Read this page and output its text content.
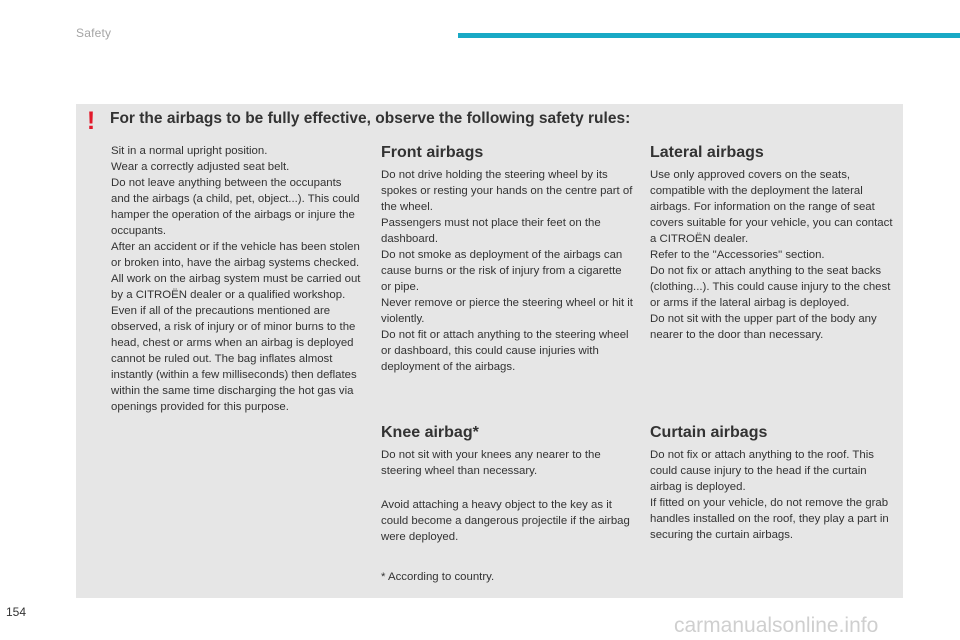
Safety
! For the airbags to be fully effective, observe the following safety rules:

Sit in a normal upright position.

Wear a correctly adjusted seat belt.

Do not leave anything between the occupants and the airbags (a child, pet, object...). This could hamper the operation of the airbags or injure the occupants.

After an accident or if the vehicle has been stolen or broken into, have the airbag systems checked.

All work on the airbag system must be carried out by a CITROËN dealer or a qualified workshop.

Even if all of the precautions mentioned are observed, a risk of injury or of minor burns to the head, chest or arms when an airbag is deployed cannot be ruled out. The bag inflates almost instantly (within a few milliseconds) then deflates within the same time discharging the hot gas via openings provided for this purpose.

Front airbags

Do not drive holding the steering wheel by its spokes or resting your hands on the centre part of the wheel.

Passengers must not place their feet on the dashboard.

Do not smoke as deployment of the airbags can cause burns or the risk of injury from a cigarette or pipe.

Never remove or pierce the steering wheel or hit it violently.

Do not fit or attach anything to the steering wheel or dashboard, this could cause injuries with deployment of the airbags.

Lateral airbags

Use only approved covers on the seats, compatible with the deployment the lateral airbags. For information on the range of seat covers suitable for your vehicle, you can contact a CITROËN dealer.

Refer to the "Accessories" section.

Do not fix or attach anything to the seat backs (clothing...). This could cause injury to the chest or arms if the lateral airbag is deployed.

Do not sit with the upper part of the body any nearer to the door than necessary.

Knee airbag*

Do not sit with your knees any nearer to the steering wheel than necessary.

Avoid attaching a heavy object to the key as it could become a dangerous projectile if the airbag were deployed.

Curtain airbags

Do not fix or attach anything to the roof. This could cause injury to the head if the curtain airbag is deployed.

If fitted on your vehicle, do not remove the grab handles installed on the roof, they play a part in securing the curtain airbags.

* According to country.
154
carmanualsonline.info
